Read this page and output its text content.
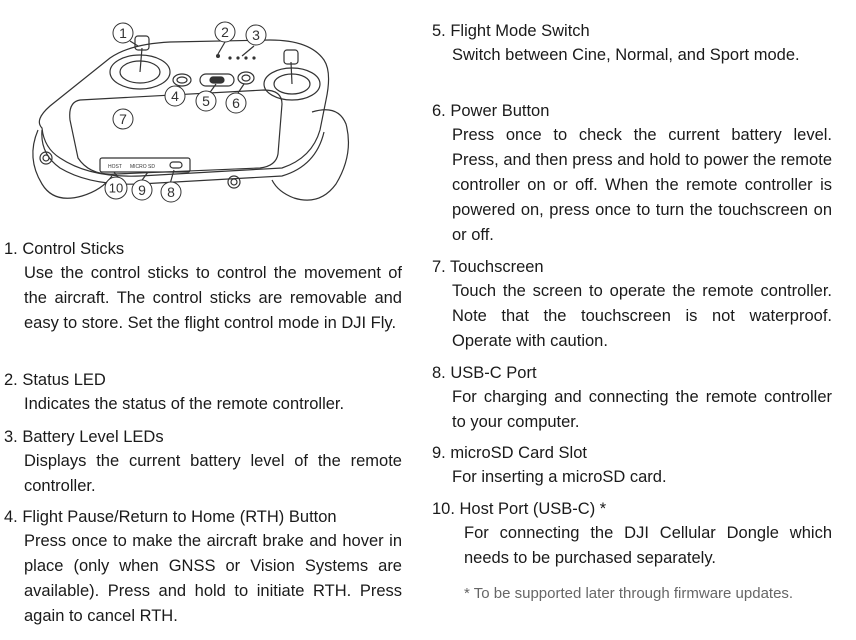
HOST MICRO SD
1	2 3
4 5 6
7
8
9
10
1. Control Sticks
Use the control sticks to control the movement of the aircraft. The control sticks are removable and easy to store. Set the flight control mode in DJI Fly.
2. Status LED
Indicates the status of the remote controller.
3. Battery Level LEDs
Displays the current battery level of the remote controller.
4. Flight Pause/Return to Home (RTH) Button
Press once to make the aircraft brake and hover in place (only when GNSS or Vision Systems are available). Press and hold to initiate RTH. Press again to cancel RTH.
5. Flight Mode Switch
Switch between Cine, Normal, and Sport mode.
6. Power Button
Press once to check the current battery level. Press, and then press and hold to power the remote controller on or off. When the remote controller is powered on, press once to turn the touchscreen on or off.
7. Touchscreen
Touch the screen to operate the remote controller. Note that the touchscreen is not waterproof. Operate with caution.
8. USB-C Port
For charging and connecting the remote controller to your computer.
9. microSD Card Slot
For inserting a microSD card.
10. Host Port (USB-C) *
For connecting the DJI Cellular Dongle which needs to be purchased separately.
* To be supported later through firmware updates.
